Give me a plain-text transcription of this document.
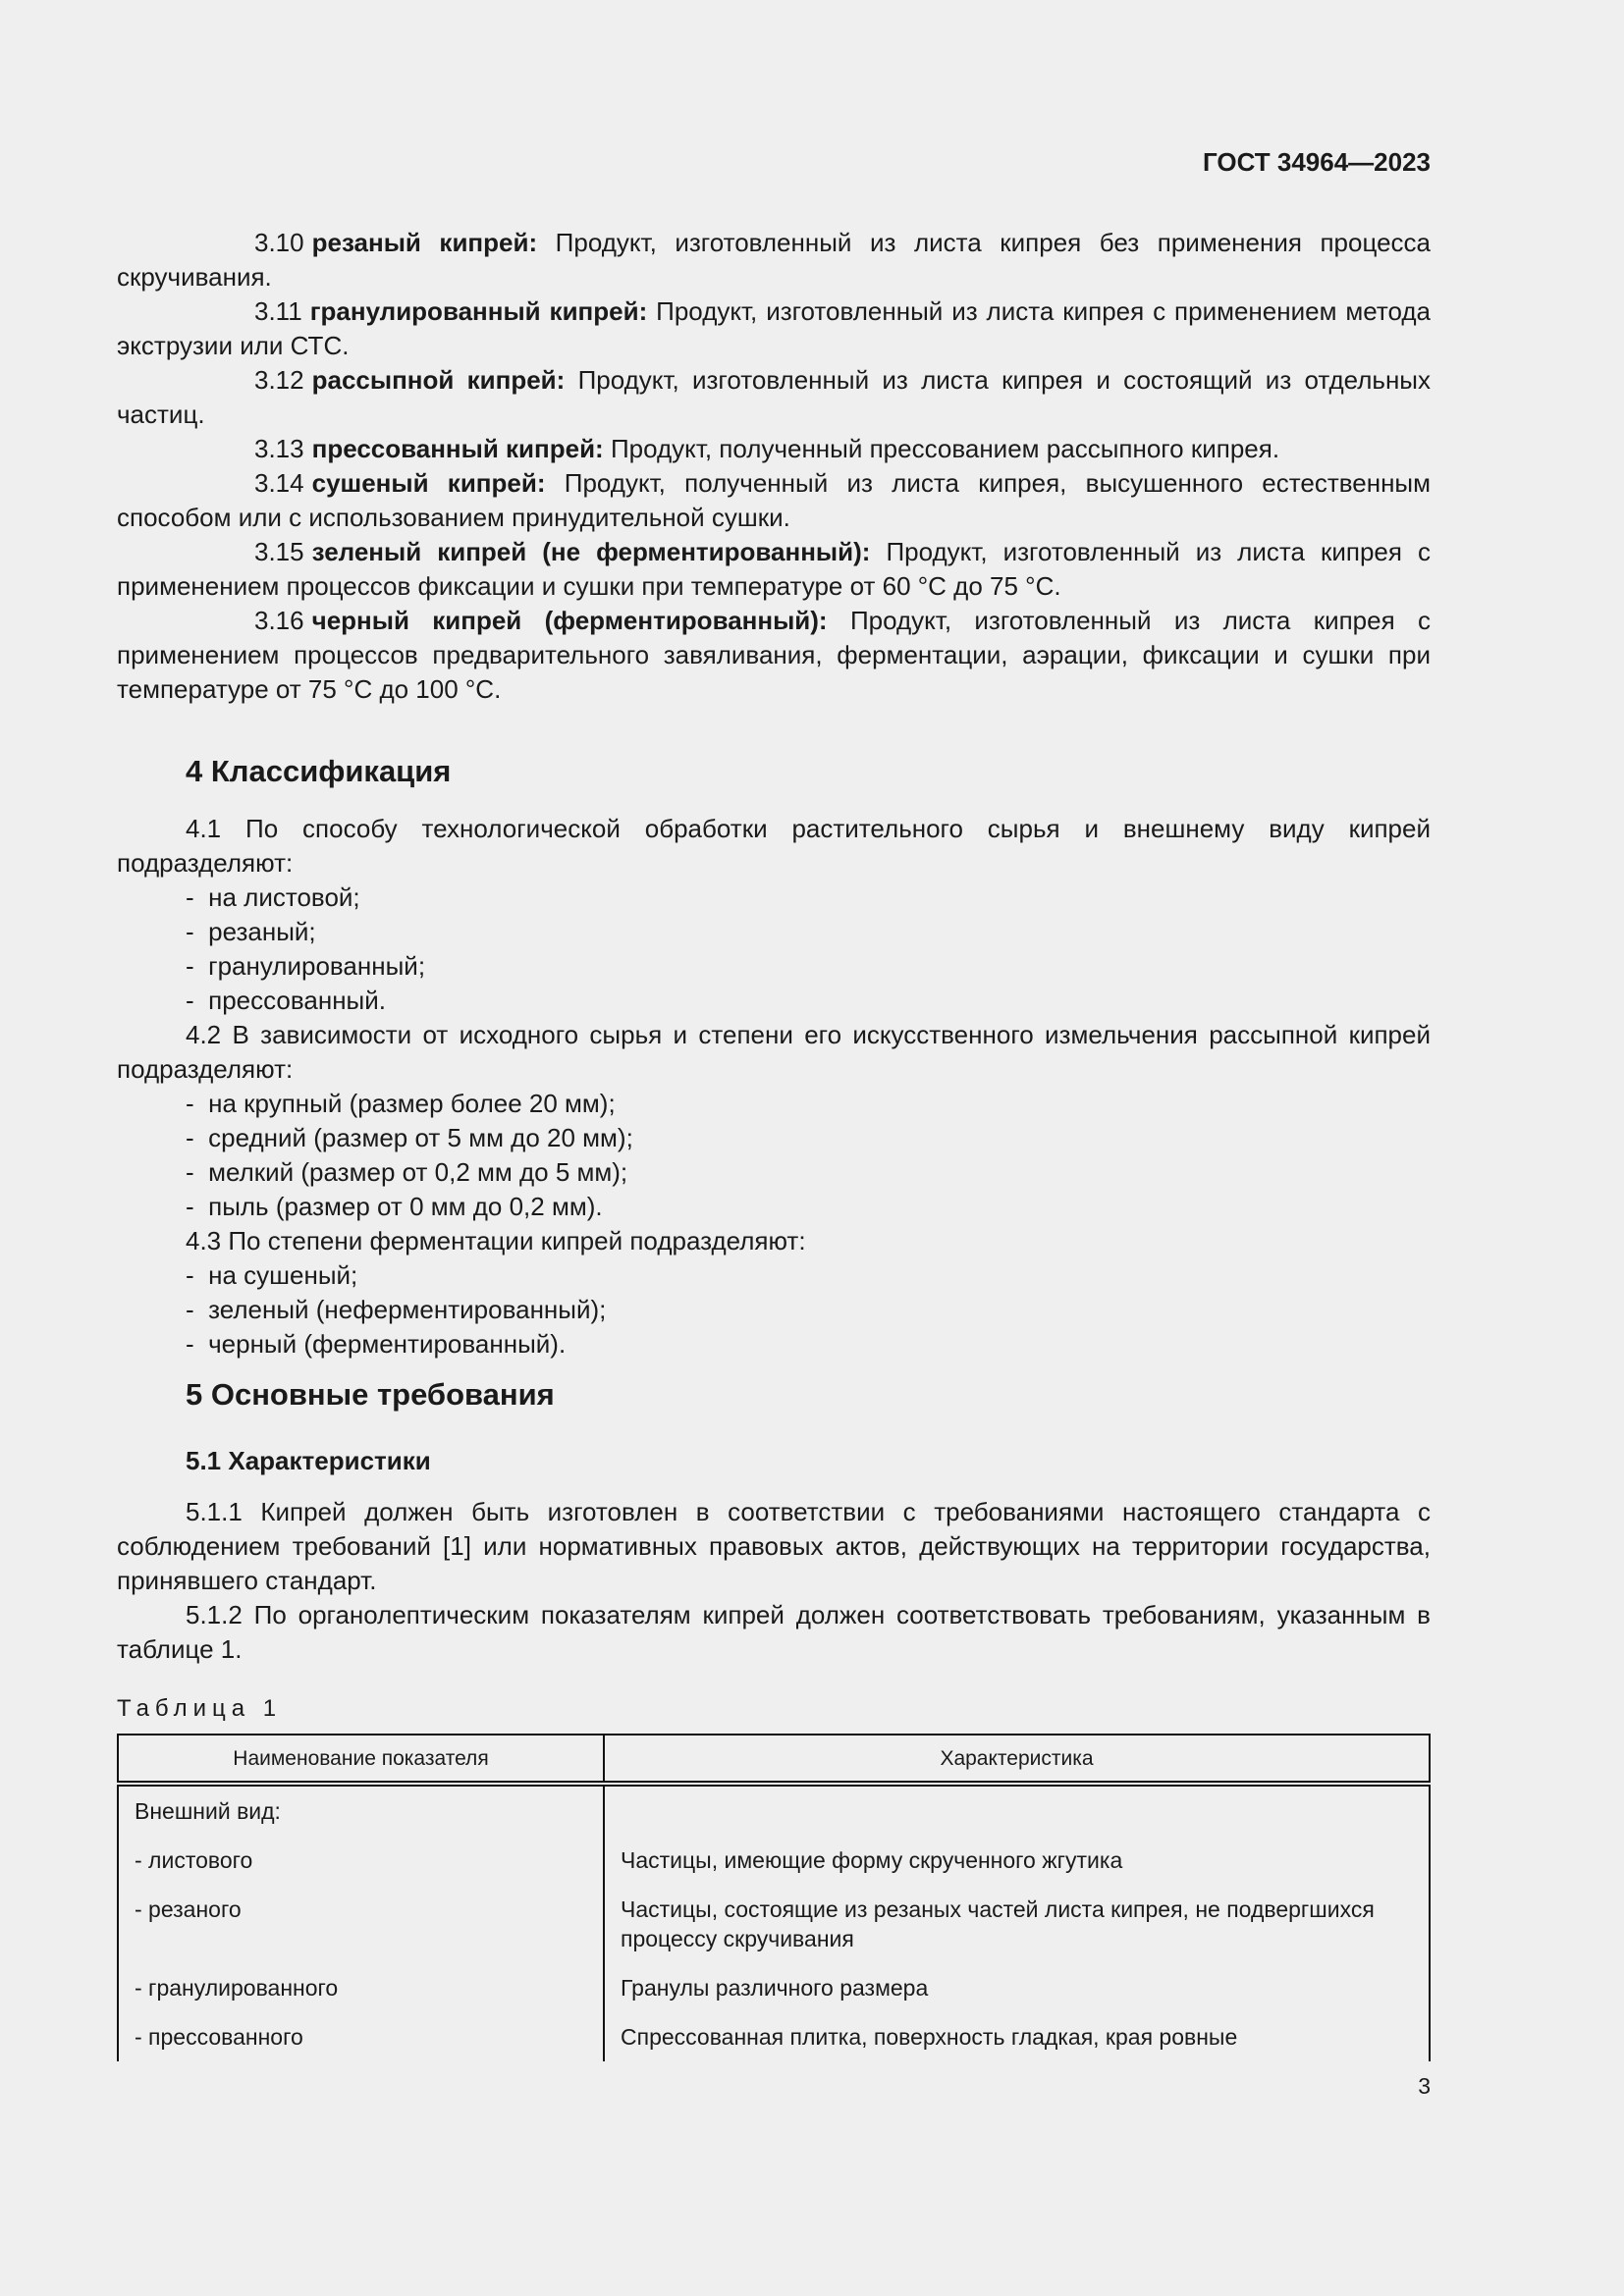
ГОСТ 34964—2023

3.10 резаный кипрей: Продукт, изготовленный из листа кипрея без применения процесса скручивания.

3.11 гранулированный кипрей: Продукт, изготовленный из листа кипрея с применением метода экструзии или СТС.

3.12 рассыпной кипрей: Продукт, изготовленный из листа кипрея и состоящий из отдельных частиц.

3.13 прессованный кипрей: Продукт, полученный прессованием рассыпного кипрея.

3.14 сушеный кипрей: Продукт, полученный из листа кипрея, высушенного естественным способом или с использованием принудительной сушки.

3.15 зеленый кипрей (не ферментированный): Продукт, изготовленный из листа кипрея с применением процессов фиксации и сушки при температуре от 60 °С до 75 °С.

3.16 черный кипрей (ферментированный): Продукт, изготовленный из листа кипрея с применением процессов предварительного завяливания, ферментации, аэрации, фиксации и сушки при температуре от 75 °С до 100 °С.

4 Классификация

4.1 По способу технологической обработки растительного сырья и внешнему виду кипрей подразделяют:

- на листовой;
- резаный;
- гранулированный;
- прессованный.

4.2 В зависимости от исходного сырья и степени его искусственного измельчения рассыпной кипрей подразделяют:

- на крупный (размер более 20 мм);
- средний (размер от 5 мм до 20 мм);
- мелкий (размер от 0,2 мм до 5 мм);
- пыль (размер от 0 мм до 0,2 мм).

4.3 По степени ферментации кипрей подразделяют:

- на сушеный;
- зеленый (неферментированный);
- черный (ферментированный).
5 Основные требования
5.1 Характеристики

5.1.1 Кипрей должен быть изготовлен в соответствии с требованиями настоящего стандарта с соблюдением требований [1] или нормативных правовых актов, действующих на территории государства, принявшего стандарт.

5.1.2 По органолептическим показателям кипрей должен соответствовать требованиям, указанным в таблице 1.

Таблица 1
Наименование показателя	Характеристика
Внешний вид:	
- листового	Частицы, имеющие форму скрученного жгутика
- резаного	Частицы, состоящие из резаных частей листа кипрея, не подвергшихся процессу скручивания
- гранулированного	Гранулы различного размера
- прессованного	Спрессованная плитка, поверхность гладкая, края ровные
3
